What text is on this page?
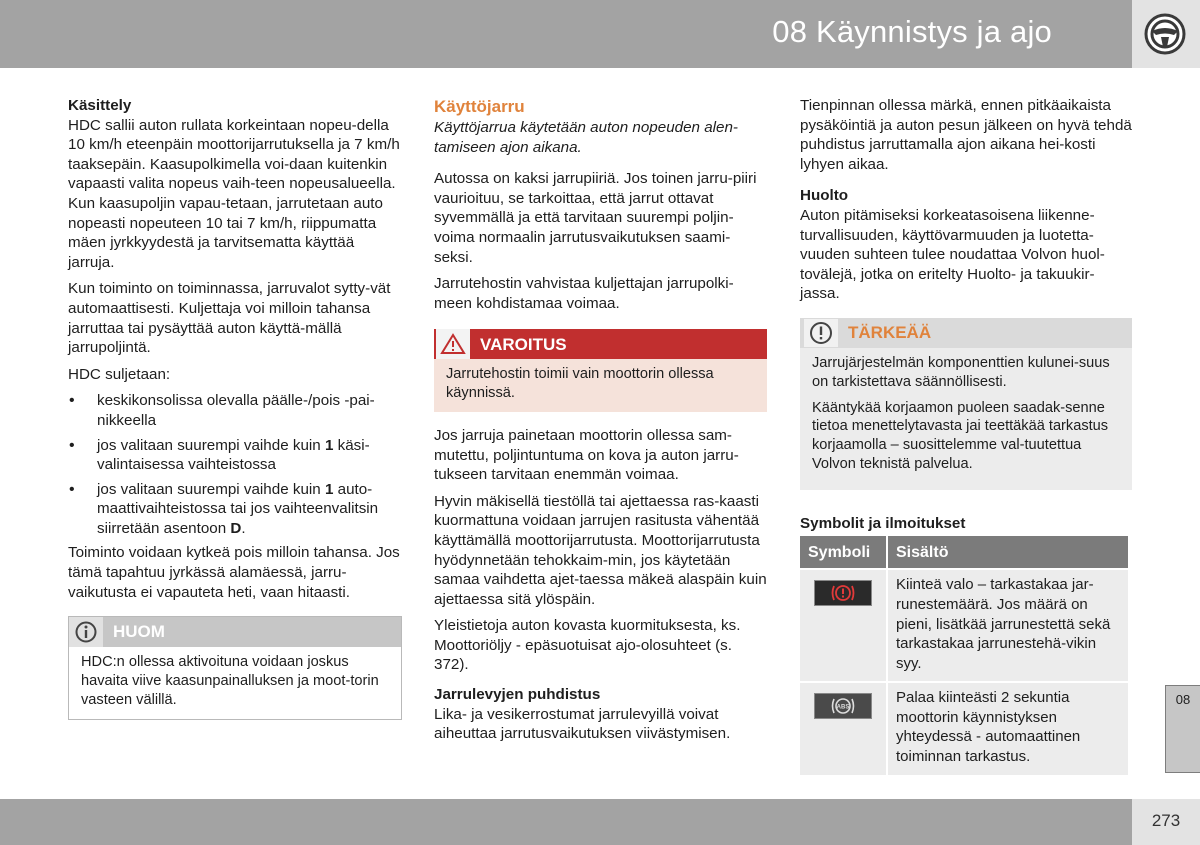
08 Käynnistys ja ajo
Käsittely

HDC sallii auton rullata korkeintaan nopeu-della 10 km/h eteenpäin moottorijarrutuksella ja 7 km/h taaksepäin. Kaasupolkimella voi-daan kuitenkin vapaasti valita nopeus vaih-teen nopeusalueella. Kun kaasupoljin vapau-tetaan, jarrutetaan auto nopeasti nopeuteen 10 tai 7 km/h, riippumatta mäen jyrkkyydestä ja tarvitsematta käyttää jarruja.

Kun toiminto on toiminnassa, jarruvalot sytty-vät automaattisesti. Kuljettaja voi milloin tahansa jarruttaa tai pysäyttää auton käyttä-mällä jarrupoljintä.

HDC suljetaan:

• keskikonsolissa olevalla päälle-/pois -pai-nikkeella
• jos valitaan suurempi vaihde kuin 1 käsi-valintaisessa vaihteistossa
• jos valitaan suurempi vaihde kuin 1 auto-maattivaihteistossa tai jos vaihteenvalitsin siirretään asentoon D.

Toiminto voidaan kytkeä pois milloin tahansa. Jos tämä tapahtuu jyrkässä alamäessä, jarru-vaikutusta ei vapauteta heti, vaan hitaasti.

HUOM
HDC:n ollessa aktivoituna voidaan joskus havaita viive kaasunpainalluksen ja moot-torin vasteen välillä.
Käyttöjarru

Käyttöjarrua käytetään auton nopeuden alen-tamiseen ajon aikana.

Autossa on kaksi jarrupiiriä. Jos toinen jarru-piiri vaurioituu, se tarkoittaa, että jarrut ottavat syvemmällä ja että tarvitaan suurempi poljin-voima normaalin jarrutusvaikutuksen saami-seksi.

Jarrutehostin vahvistaa kuljettajan jarrupolki-meen kohdistamaa voimaa.

VAROITUS
Jarrutehostin toimii vain moottorin ollessa käynnissä.

Jos jarruja painetaan moottorin ollessa sam-mutettu, poljintuntuma on kova ja auton jarru-tukseen tarvitaan enemmän voimaa.

Hyvin mäkisellä tiestöllä tai ajettaessa ras-kaasti kuormattuna voidaan jarrujen rasitusta vähentää käyttämällä moottorijarrutusta. Moottorijarrutusta hyödynnetään tehokkaim-min, jos käytetään samaa vaihdetta ajet-taessa mäkeä alaspäin kuin ajettaessa sitä ylöspäin.

Yleistietoja auton kovasta kuormituksesta, ks. Moottoriöljy - epäsuotuisat ajo-olosuhteet (s. 372).

Jarrulevyjen puhdistus

Lika- ja vesikerrostumat jarrulevyillä voivat aiheuttaa jarrutusvaikutuksen viivästymisen.

Tienpinnan ollessa märkä, ennen pitkäaikaista pysäköintiä ja auton pesun jälkeen on hyvä tehdä puhdistus jarruttamalla ajon aikana hei-kosti lyhyen aikaa.

Huolto

Auton pitämiseksi korkeatasoisena liikenne-turvallisuuden, käyttövarmuuden ja luotetta-vuuden suhteen tulee noudattaa Volvon huol-tovälejä, jotka on eritelty Huolto- ja takuukir-jassa.

TÄRKEÄÄ

Jarrujärjestelmän komponenttien kulunei-suus on tarkistettava säännöllisesti.

Kääntykää korjaamon puoleen saadak-senne tietoa menettelytavasta jai teettäkää tarkastus korjaamolla – suosittelemme val-tuutettua Volvon teknistä palvelua.

Symbolit ja ilmoitukset
Symboli	Sisältö

	Kiinteä valo – tarkastakaa jar-runestemäärä. Jos määrä on pieni, lisätkää jarrunestettä sekä tarkastakaa jarrunestehä-vikin syy.

ABS	Palaa kiinteästi 2 sekuntia moottorin käynnistyksen yhteydessä - automaattinen toiminnan tarkastus.
08
273
